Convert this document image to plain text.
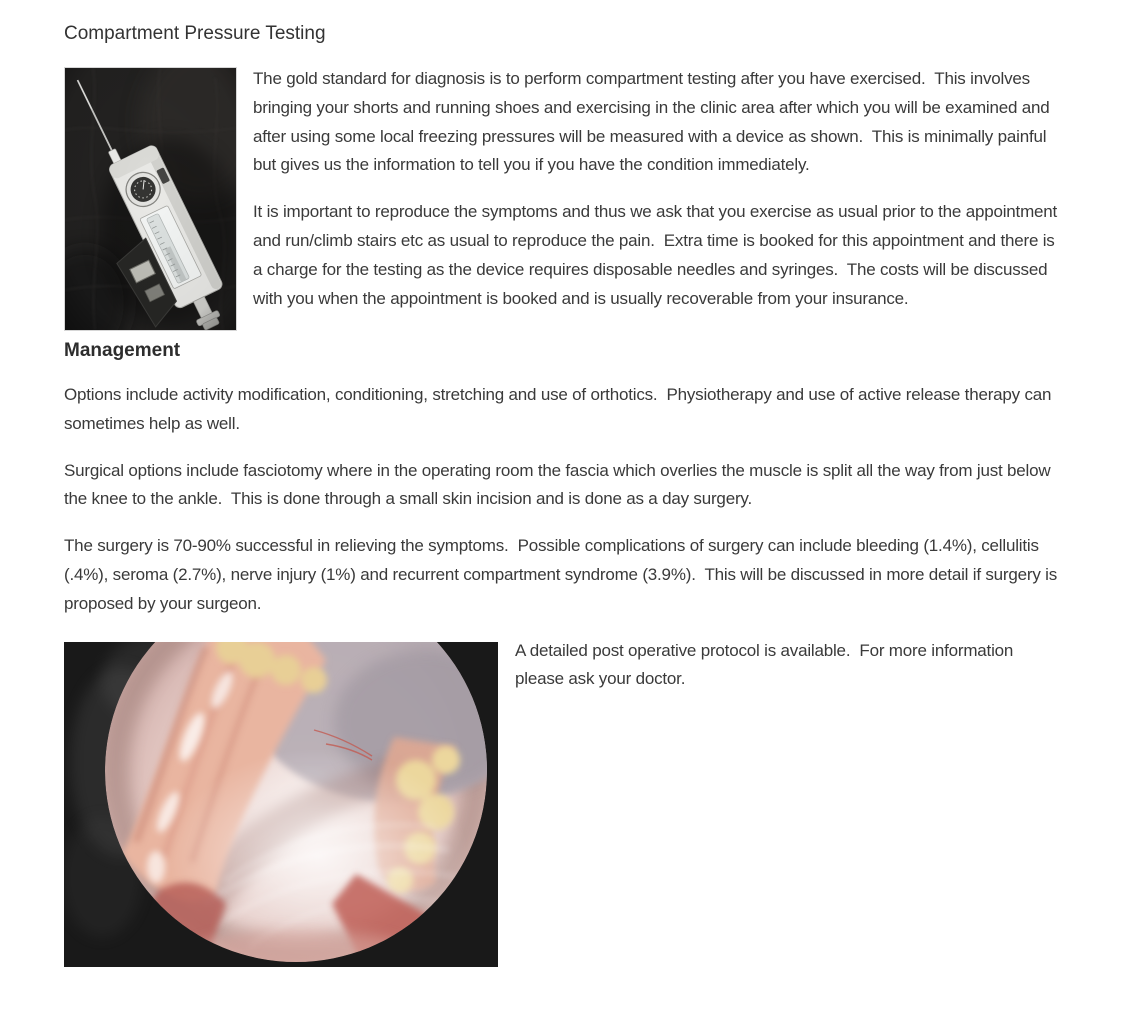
Compartment Pressure Testing

The gold standard for diagnosis is to perform compartment testing after you have exercised.  This involves bringing your shorts and running shoes and exercising in the clinic area after which you will be examined and after using some local freezing pressures will be measured with a device as shown.  This is minimally painful but gives us the information to tell you if you have the condition immediately.

It is important to reproduce the symptoms and thus we ask that you exercise as usual prior to the appointment and run/climb stairs etc as usual to reproduce the pain.  Extra time is booked for this appointment and there is a charge for the testing as the device requires disposable needles and syringes.  The costs will be discussed with you when the appointment is booked and is usually recoverable from your insurance.

Management

Options include activity modification, conditioning, stretching and use of orthotics.  Physiotherapy and use of active release therapy can sometimes help as well.

Surgical options include fasciotomy where in the operating room the fascia which overlies the muscle is split all the way from just below the knee to the ankle.  This is done through a small skin incision and is done as a day surgery.

The surgery is 70-90% successful in relieving the symptoms.  Possible complications of surgery can include bleeding (1.4%), cellulitis (.4%), seroma (2.7%), nerve injury (1%) and recurrent compartment syndrome (3.9%).  This will be discussed in more detail if surgery is proposed by your surgeon.

A detailed post operative protocol is available.  For more information please ask your doctor.
